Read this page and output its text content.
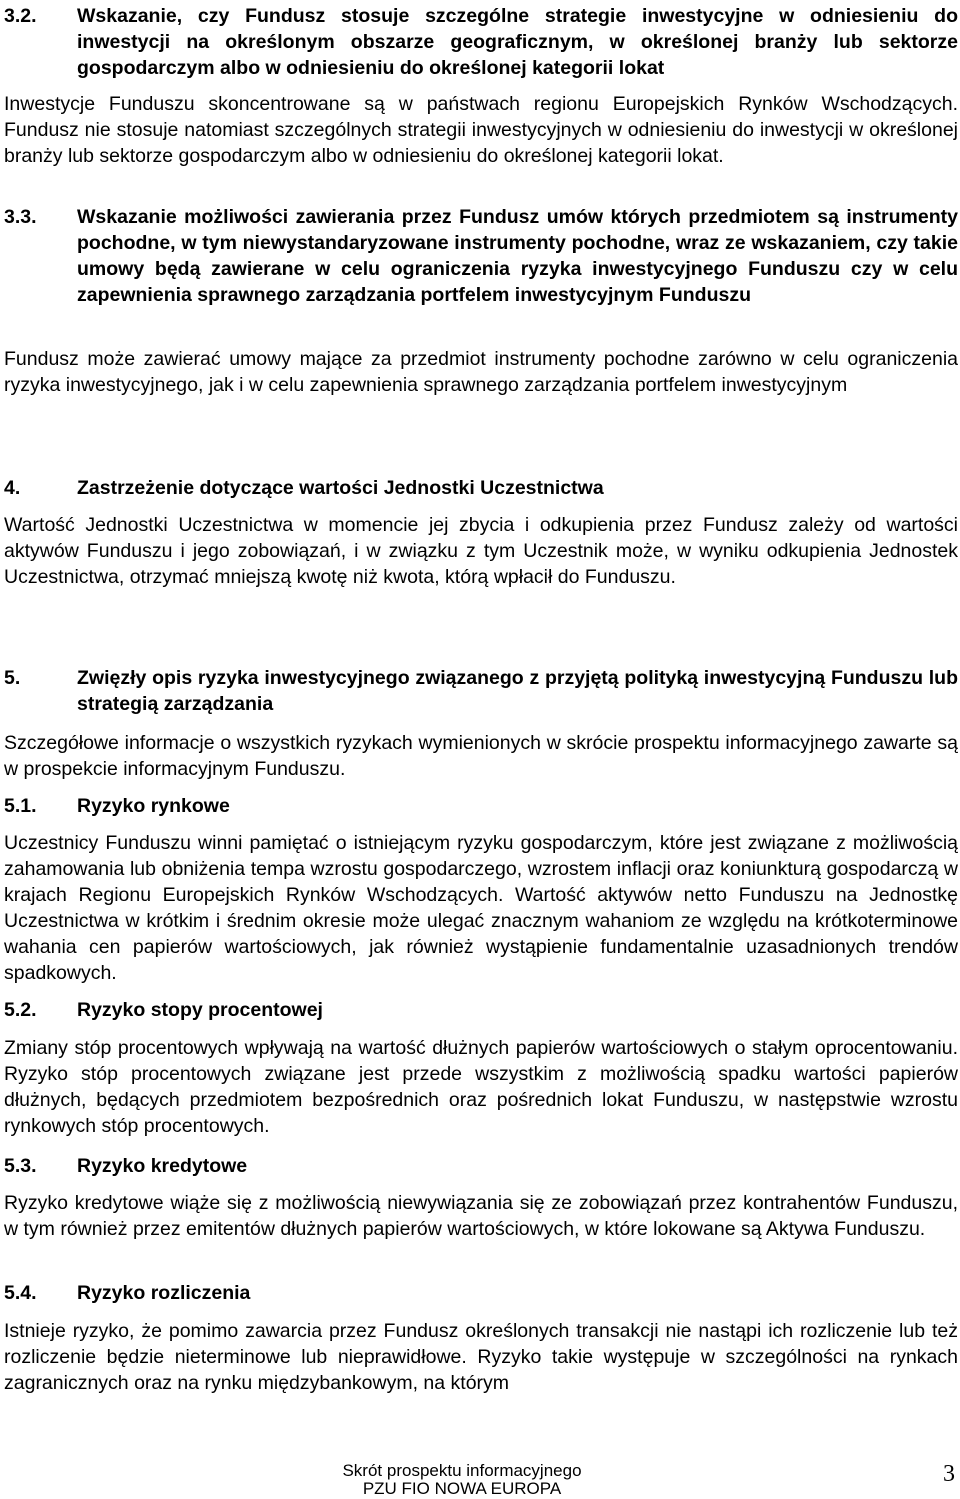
3.2. Wskazanie, czy Fundusz stosuje szczególne strategie inwestycyjne w odniesieniu do inwestycji na określonym obszarze geograficznym, w określonej branży lub sektorze gospodarczym albo w odniesieniu do określonej kategorii lokat

Inwestycje Funduszu skoncentrowane są w państwach regionu Europejskich Rynków Wschodzących. Fundusz nie stosuje natomiast szczególnych strategii inwestycyjnych w odniesieniu do inwestycji w określonej branży lub sektorze gospodarczym albo w odniesieniu do określonej kategorii lokat.

3.3. Wskazanie możliwości zawierania przez Fundusz umów których przedmiotem są instrumenty pochodne, w tym niewystandaryzowane instrumenty pochodne, wraz ze wskazaniem, czy takie umowy będą zawierane w celu ograniczenia ryzyka inwestycyjnego Funduszu czy w celu zapewnienia sprawnego zarządzania portfelem inwestycyjnym Funduszu

Fundusz może zawierać umowy mające za przedmiot instrumenty pochodne zarówno w celu ograniczenia ryzyka inwestycyjnego, jak i w celu zapewnienia sprawnego zarządzania portfelem inwestycyjnym

4.	Zastrzeżenie dotyczące wartości Jednostki Uczestnictwa

Wartość Jednostki Uczestnictwa w momencie jej zbycia i odkupienia przez Fundusz zależy od wartości aktywów Funduszu i jego zobowiązań, i w związku z tym Uczestnik może, w wyniku odkupienia Jednostek Uczestnictwa, otrzymać mniejszą kwotę niż kwota, którą wpłacił do Funduszu.

5.	Zwięzły opis ryzyka inwestycyjnego związanego z przyjętą polityką inwestycyjną Funduszu lub strategią zarządzania

Szczegółowe informacje o wszystkich ryzykach wymienionych w skrócie prospektu informacyjnego zawarte są w prospekcie informacyjnym Funduszu.

5.1. Ryzyko rynkowe

Uczestnicy Funduszu winni pamiętać o istniejącym ryzyku gospodarczym, które jest związane z możliwością zahamowania lub obniżenia tempa wzrostu gospodarczego, wzrostem inflacji oraz koniunkturą gospodarczą w krajach Regionu Europejskich Rynków Wschodzących. Wartość aktywów netto Funduszu na Jednostkę Uczestnictwa w krótkim i średnim okresie może ulegać znacznym wahaniom ze względu na krótkoterminowe wahania cen papierów wartościowych, jak również wystąpienie fundamentalnie uzasadnionych trendów spadkowych.

5.2. Ryzyko stopy procentowej

Zmiany stóp procentowych wpływają na wartość dłużnych papierów wartościowych o stałym oprocentowaniu. Ryzyko stóp procentowych związane jest przede wszystkim z możliwością spadku wartości papierów dłużnych, będących przedmiotem bezpośrednich oraz pośrednich lokat Funduszu, w następstwie wzrostu rynkowych stóp procentowych.

5.3. Ryzyko kredytowe

Ryzyko kredytowe wiąże się z możliwością niewywiązania się ze zobowiązań przez kontrahentów Funduszu, w tym również przez emitentów dłużnych papierów wartościowych, w które lokowane są Aktywa Funduszu.

5.4. Ryzyko rozliczenia

Istnieje ryzyko, że pomimo zawarcia przez Fundusz określonych transakcji nie nastąpi ich rozliczenie lub też rozliczenie będzie nieterminowe lub nieprawidłowe. Ryzyko takie występuje w szczególności na rynkach zagranicznych oraz na rynku międzybankowym, na którym

Skrót prospektu informacyjnego
PZU FIO NOWA EUROPA
3
